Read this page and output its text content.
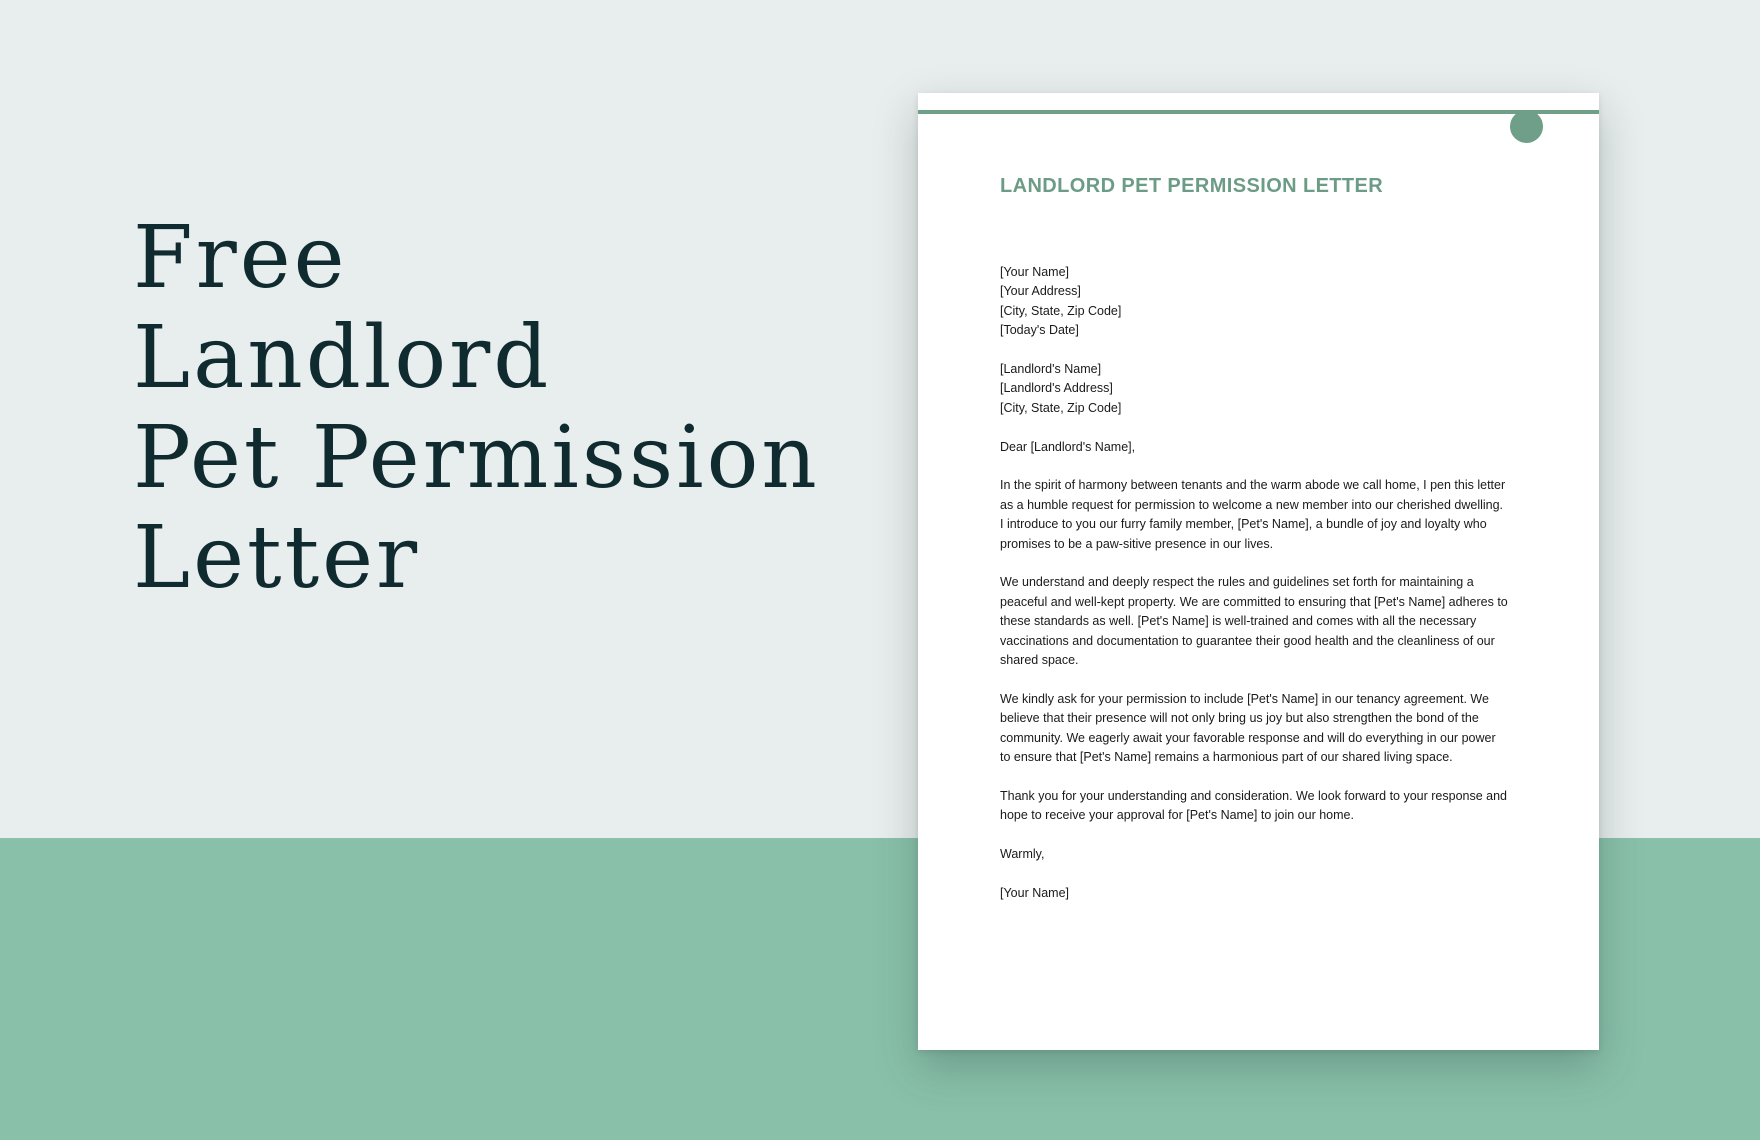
Free
Landlord
Pet Permission
Letter
LANDLORD PET PERMISSION LETTER

[Your Name]
[Your Address]
[City, State, Zip Code]
[Today's Date]

[Landlord's Name]
[Landlord's Address]
[City, State, Zip Code]

Dear [Landlord's Name],

In the spirit of harmony between tenants and the warm abode we call home, I pen this letter
as a humble request for permission to welcome a new member into our cherished dwelling.
I introduce to you our furry family member, [Pet's Name], a bundle of joy and loyalty who
promises to be a paw-sitive presence in our lives.

We understand and deeply respect the rules and guidelines set forth for maintaining a
peaceful and well-kept property. We are committed to ensuring that [Pet's Name] adheres to
these standards as well. [Pet's Name] is well-trained and comes with all the necessary
vaccinations and documentation to guarantee their good health and the cleanliness of our
shared space.

We kindly ask for your permission to include [Pet's Name] in our tenancy agreement. We
believe that their presence will not only bring us joy but also strengthen the bond of the
community. We eagerly await your favorable response and will do everything in our power
to ensure that [Pet's Name] remains a harmonious part of our shared living space.

Thank you for your understanding and consideration. We look forward to your response and
hope to receive your approval for [Pet's Name] to join our home.

Warmly,

[Your Name]
